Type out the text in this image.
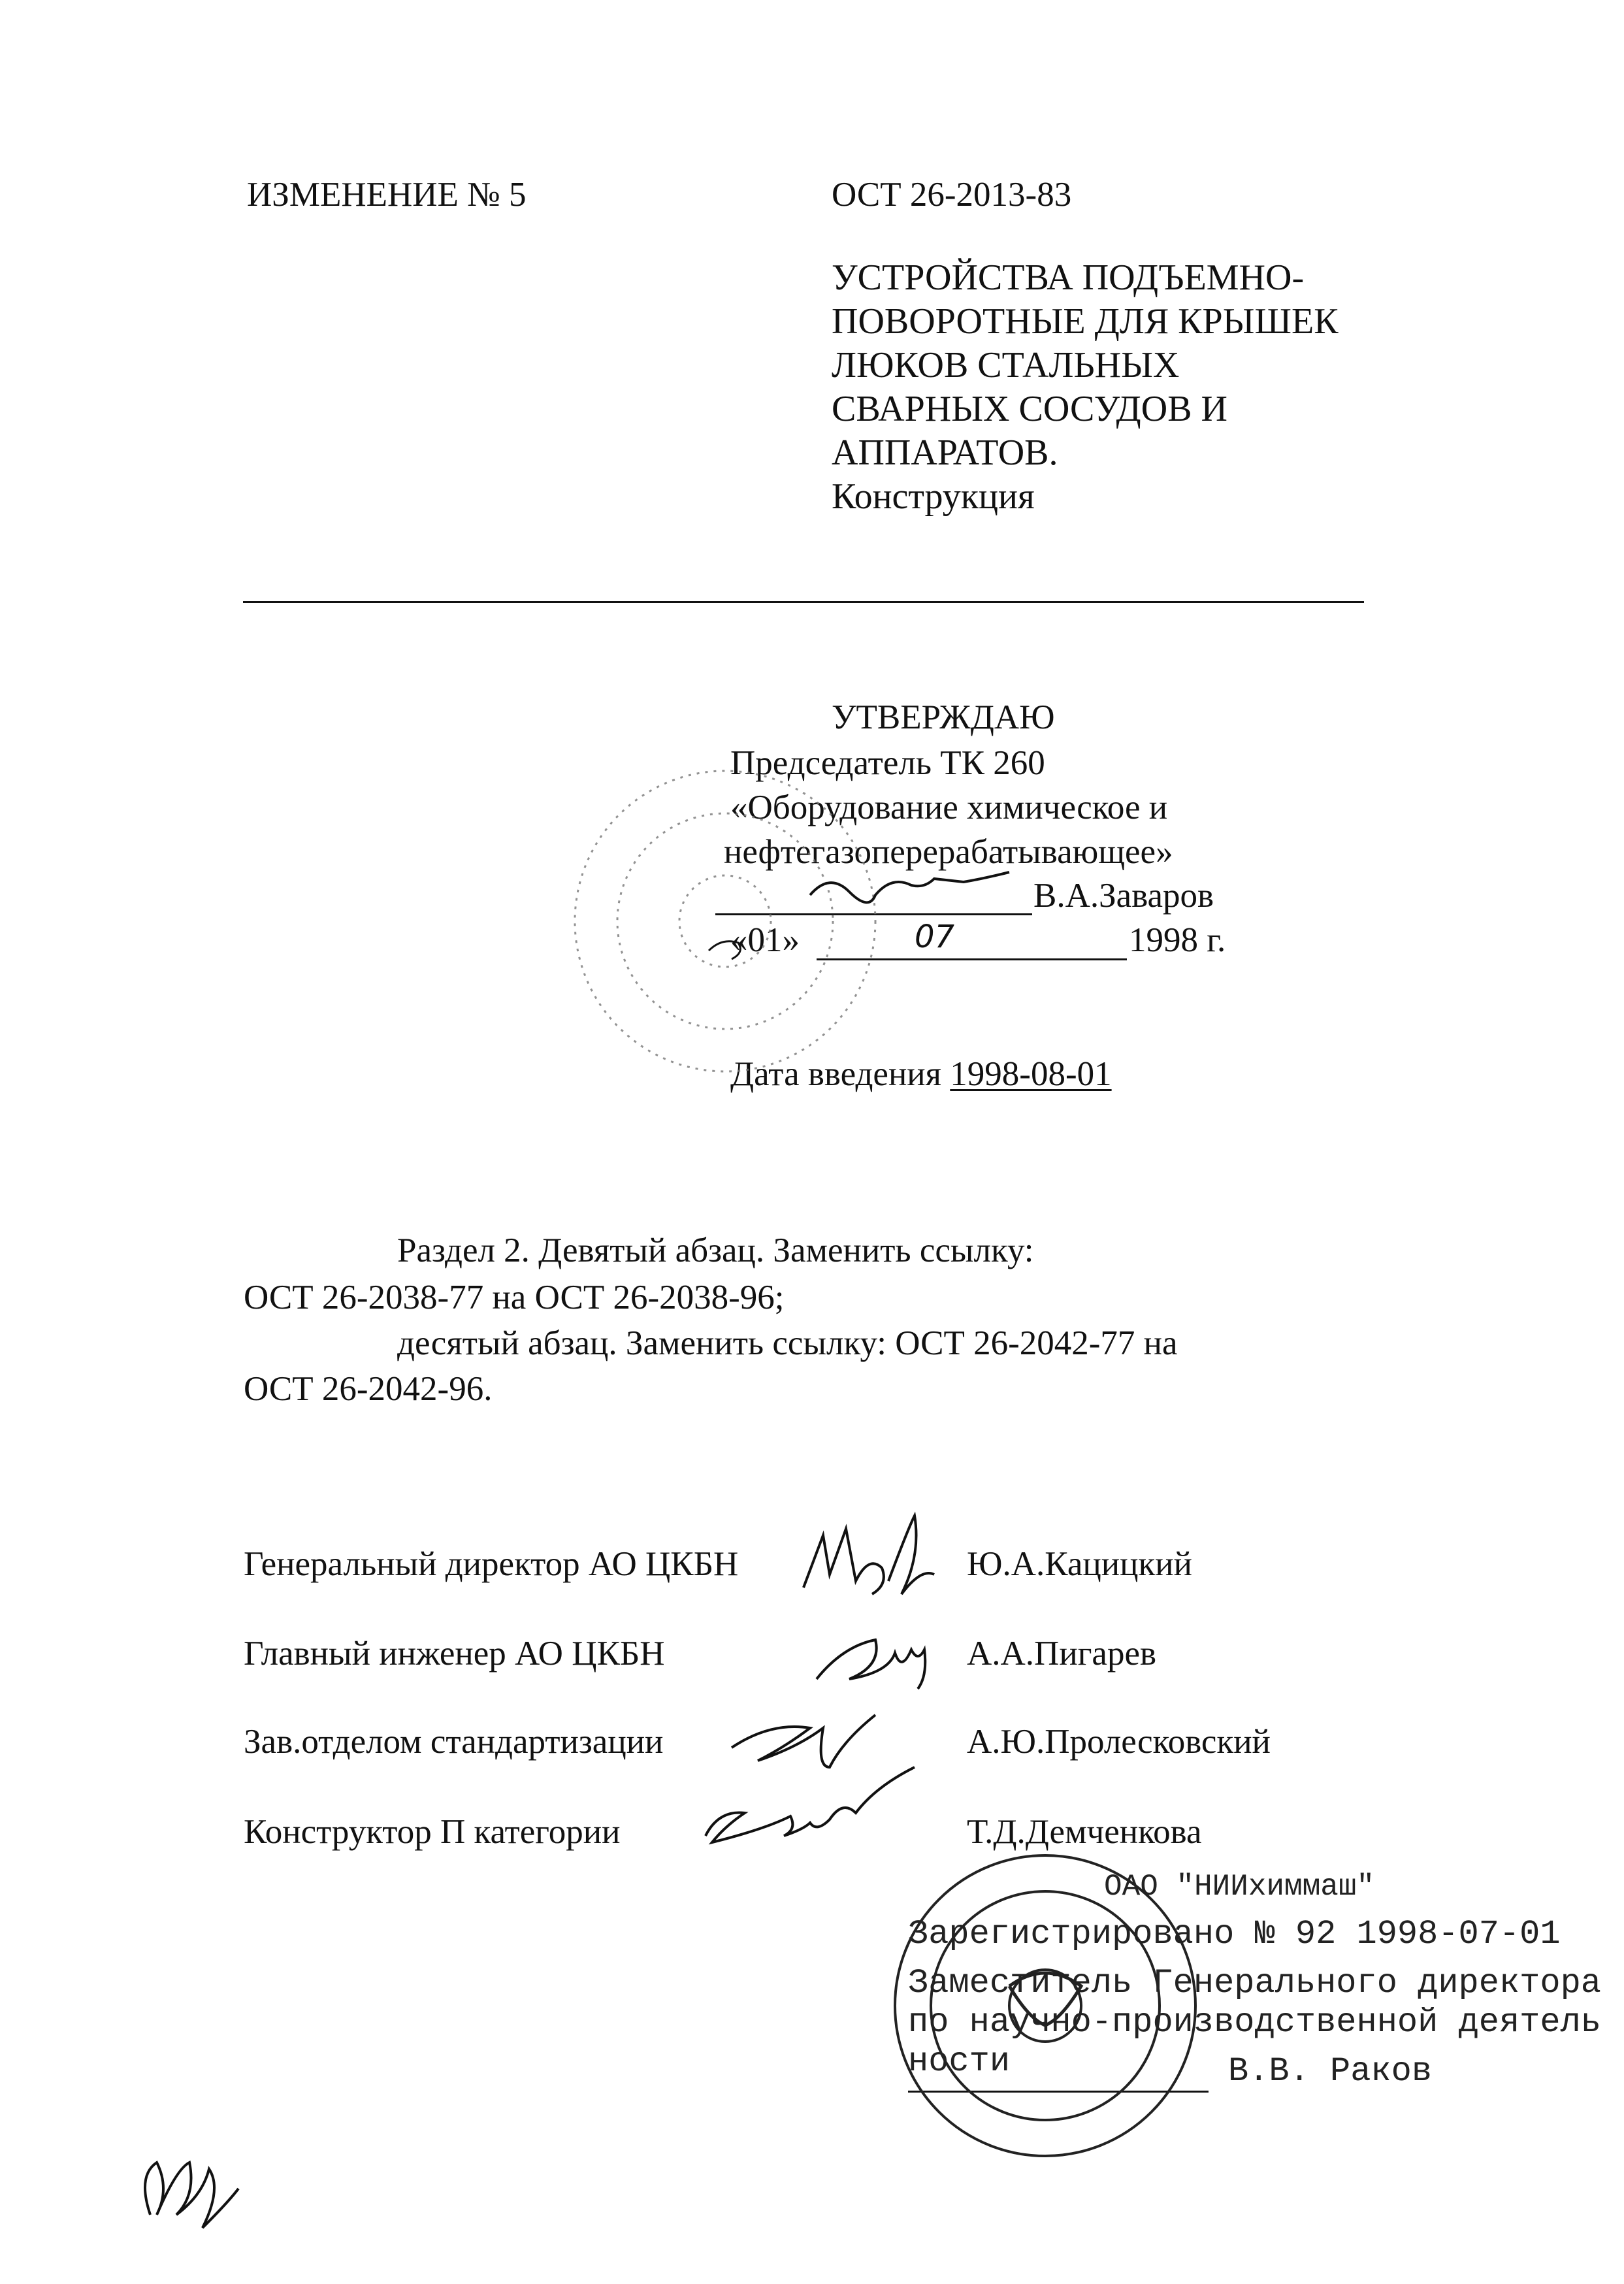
ИЗМЕНЕНИЕ № 5	ОСТ 26-2013-83
УСТРОЙСТВА ПОДЪЕМНО-
ПОВОРОТНЫЕ ДЛЯ КРЫШЕК
ЛЮКОВ СТАЛЬНЫХ
СВАРНЫХ СОСУДОВ И
АППАРАТОВ.
Конструкция
УТВЕРЖДАЮ
Председатель ТК 260
«Оборудование химическое и
нефтегазоперерабатывающее»
В.А.Заваров
«01»	07	1998 г.
Дата введения 1998-08-01
Раздел 2. Девятый абзац. Заменить ссылку:
ОСТ 26-2038-77 на ОСТ 26-2038-96;
десятый абзац. Заменить ссылку: ОСТ 26-2042-77 на
ОСТ 26-2042-96.
Генеральный директор АО ЦКБН	Ю.А.Кацицкий
Главный инженер АО ЦКБН	А.А.Пигарев
Зав.отделом стандартизации	А.Ю.Пролесковский
Конструктор П категории	Т.Д.Демченкова
ОАО "НИИхиммаш"
Зарегистрировано № 92 1998-07-01
Заместитель Генерального директора
по научно-производственной деятель
ности	В.В. Раков
